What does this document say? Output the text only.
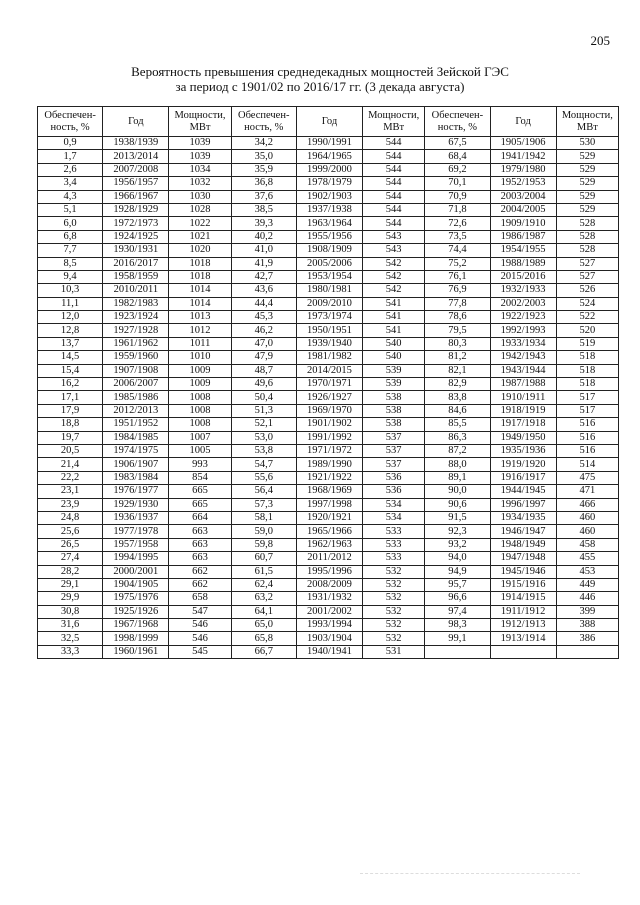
205
Вероятность превышения среднедекадных мощностей Зейской ГЭС
за период с 1901/02 по 2016/17 гг. (3 декада августа)
Обеспечен-ность, %	Год	Мощности, МВт	Обеспечен-ность, %	Год	Мощности, МВт	Обеспечен-ность, %	Год	Мощности, МВт
0,9	1938/1939	1039	34,2	1990/1991	544	67,5	1905/1906	530
1,7	2013/2014	1039	35,0	1964/1965	544	68,4	1941/1942	529
2,6	2007/2008	1034	35,9	1999/2000	544	69,2	1979/1980	529
3,4	1956/1957	1032	36,8	1978/1979	544	70,1	1952/1953	529
4,3	1966/1967	1030	37,6	1902/1903	544	70,9	2003/2004	529
5,1	1928/1929	1028	38,5	1937/1938	544	71,8	2004/2005	529
6,0	1972/1973	1022	39,3	1963/1964	544	72,6	1909/1910	528
6,8	1924/1925	1021	40,2	1955/1956	543	73,5	1986/1987	528
7,7	1930/1931	1020	41,0	1908/1909	543	74,4	1954/1955	528
8,5	2016/2017	1018	41,9	2005/2006	542	75,2	1988/1989	527
9,4	1958/1959	1018	42,7	1953/1954	542	76,1	2015/2016	527
10,3	2010/2011	1014	43,6	1980/1981	542	76,9	1932/1933	526
11,1	1982/1983	1014	44,4	2009/2010	541	77,8	2002/2003	524
12,0	1923/1924	1013	45,3	1973/1974	541	78,6	1922/1923	522
12,8	1927/1928	1012	46,2	1950/1951	541	79,5	1992/1993	520
13,7	1961/1962	1011	47,0	1939/1940	540	80,3	1933/1934	519
14,5	1959/1960	1010	47,9	1981/1982	540	81,2	1942/1943	518
15,4	1907/1908	1009	48,7	2014/2015	539	82,1	1943/1944	518
16,2	2006/2007	1009	49,6	1970/1971	539	82,9	1987/1988	518
17,1	1985/1986	1008	50,4	1926/1927	538	83,8	1910/1911	517
17,9	2012/2013	1008	51,3	1969/1970	538	84,6	1918/1919	517
18,8	1951/1952	1008	52,1	1901/1902	538	85,5	1917/1918	516
19,7	1984/1985	1007	53,0	1991/1992	537	86,3	1949/1950	516
20,5	1974/1975	1005	53,8	1971/1972	537	87,2	1935/1936	516
21,4	1906/1907	993	54,7	1989/1990	537	88,0	1919/1920	514
22,2	1983/1984	854	55,6	1921/1922	536	89,1	1916/1917	475
23,1	1976/1977	665	56,4	1968/1969	536	90,0	1944/1945	471
23,9	1929/1930	665	57,3	1997/1998	534	90,6	1996/1997	466
24,8	1936/1937	664	58,1	1920/1921	534	91,5	1934/1935	460
25,6	1977/1978	663	59,0	1965/1966	533	92,3	1946/1947	460
26,5	1957/1958	663	59,8	1962/1963	533	93,2	1948/1949	458
27,4	1994/1995	663	60,7	2011/2012	533	94,0	1947/1948	455
28,2	2000/2001	662	61,5	1995/1996	532	94,9	1945/1946	453
29,1	1904/1905	662	62,4	2008/2009	532	95,7	1915/1916	449
29,9	1975/1976	658	63,2	1931/1932	532	96,6	1914/1915	446
30,8	1925/1926	547	64,1	2001/2002	532	97,4	1911/1912	399
31,6	1967/1968	546	65,0	1993/1994	532	98,3	1912/1913	388
32,5	1998/1999	546	65,8	1903/1904	532	99,1	1913/1914	386
33,3	1960/1961	545	66,7	1940/1941	531			
